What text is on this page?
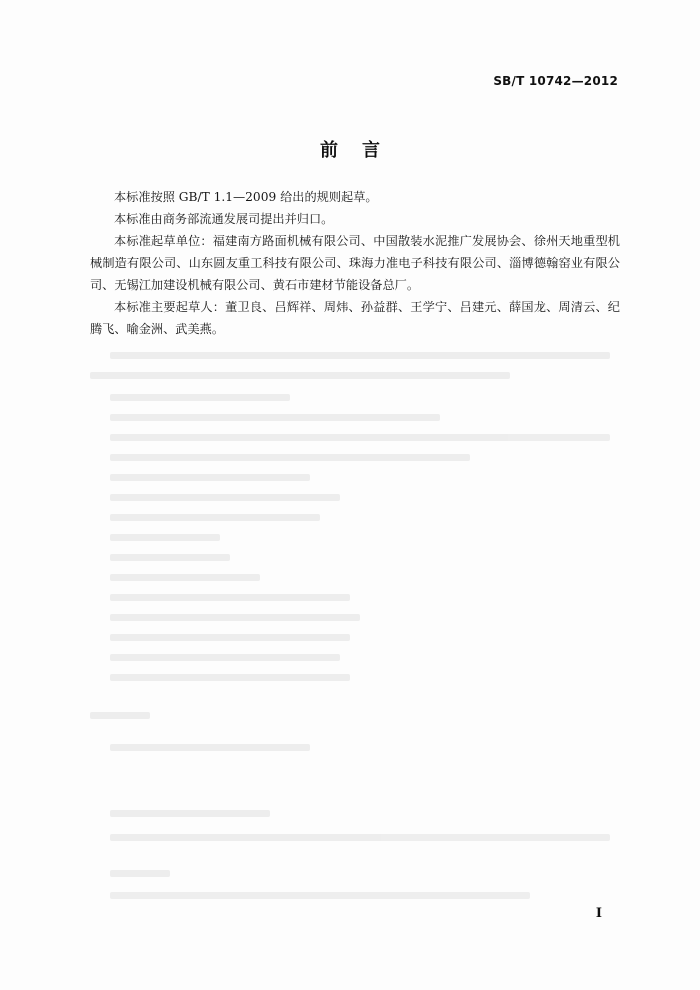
SB/T 10742—2012
前言

本标准按照 GB/T 1.1—2009 给出的规则起草。

本标准由商务部流通发展司提出并归口。

本标准起草单位：福建南方路面机械有限公司、中国散装水泥推广发展协会、徐州天地重型机械制造有限公司、山东圆友重工科技有限公司、珠海力准电子科技有限公司、淄博德翰窑业有限公司、无锡江加建设机械有限公司、黄石市建材节能设备总厂。

本标准主要起草人：董卫良、吕辉祥、周炜、孙益群、王学宁、吕建元、薛国龙、周清云、纪腾飞、喻金洲、武美燕。

I
